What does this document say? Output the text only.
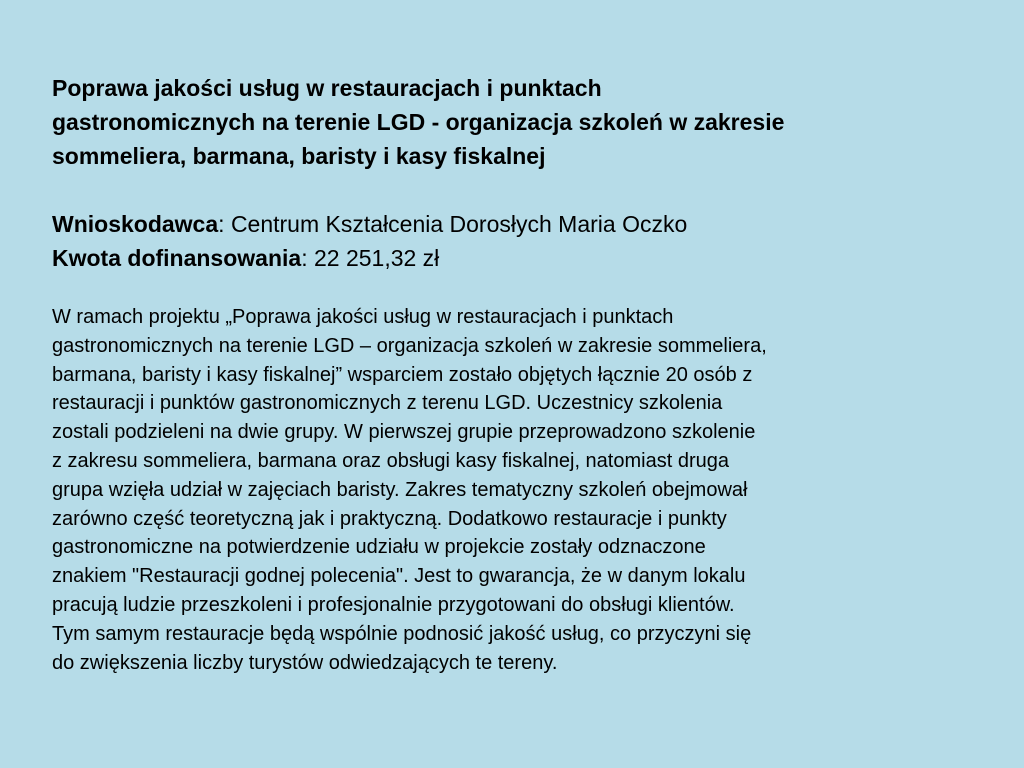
Poprawa jakości usług w restauracjach i punktach
gastronomicznych na terenie LGD - organizacja szkoleń w zakresie
sommeliera, barmana, baristy i kasy fiskalnej
Wnioskodawca: Centrum Kształcenia Dorosłych Maria Oczko
Kwota dofinansowania: 22 251,32 zł

W ramach projektu „Poprawa jakości usług w restauracjach i punktach
gastronomicznych na terenie LGD – organizacja szkoleń w zakresie sommeliera,
barmana, baristy i kasy fiskalnej” wsparciem zostało objętych łącznie 20 osób z
restauracji i punktów gastronomicznych z terenu LGD. Uczestnicy szkolenia
zostali podzieleni na dwie grupy. W pierwszej grupie przeprowadzono szkolenie
z zakresu sommeliera, barmana oraz obsługi kasy fiskalnej, natomiast druga
grupa wzięła udział w zajęciach baristy. Zakres tematyczny szkoleń obejmował
zarówno część teoretyczną jak i praktyczną. Dodatkowo restauracje i punkty
gastronomiczne na potwierdzenie udziału w projekcie zostały odznaczone
znakiem "Restauracji godnej polecenia". Jest to gwarancja, że w danym lokalu
pracują ludzie przeszkoleni i profesjonalnie przygotowani do obsługi klientów.
Tym samym restauracje będą wspólnie podnosić jakość usług, co przyczyni się
do zwiększenia liczby turystów odwiedzających te tereny.
